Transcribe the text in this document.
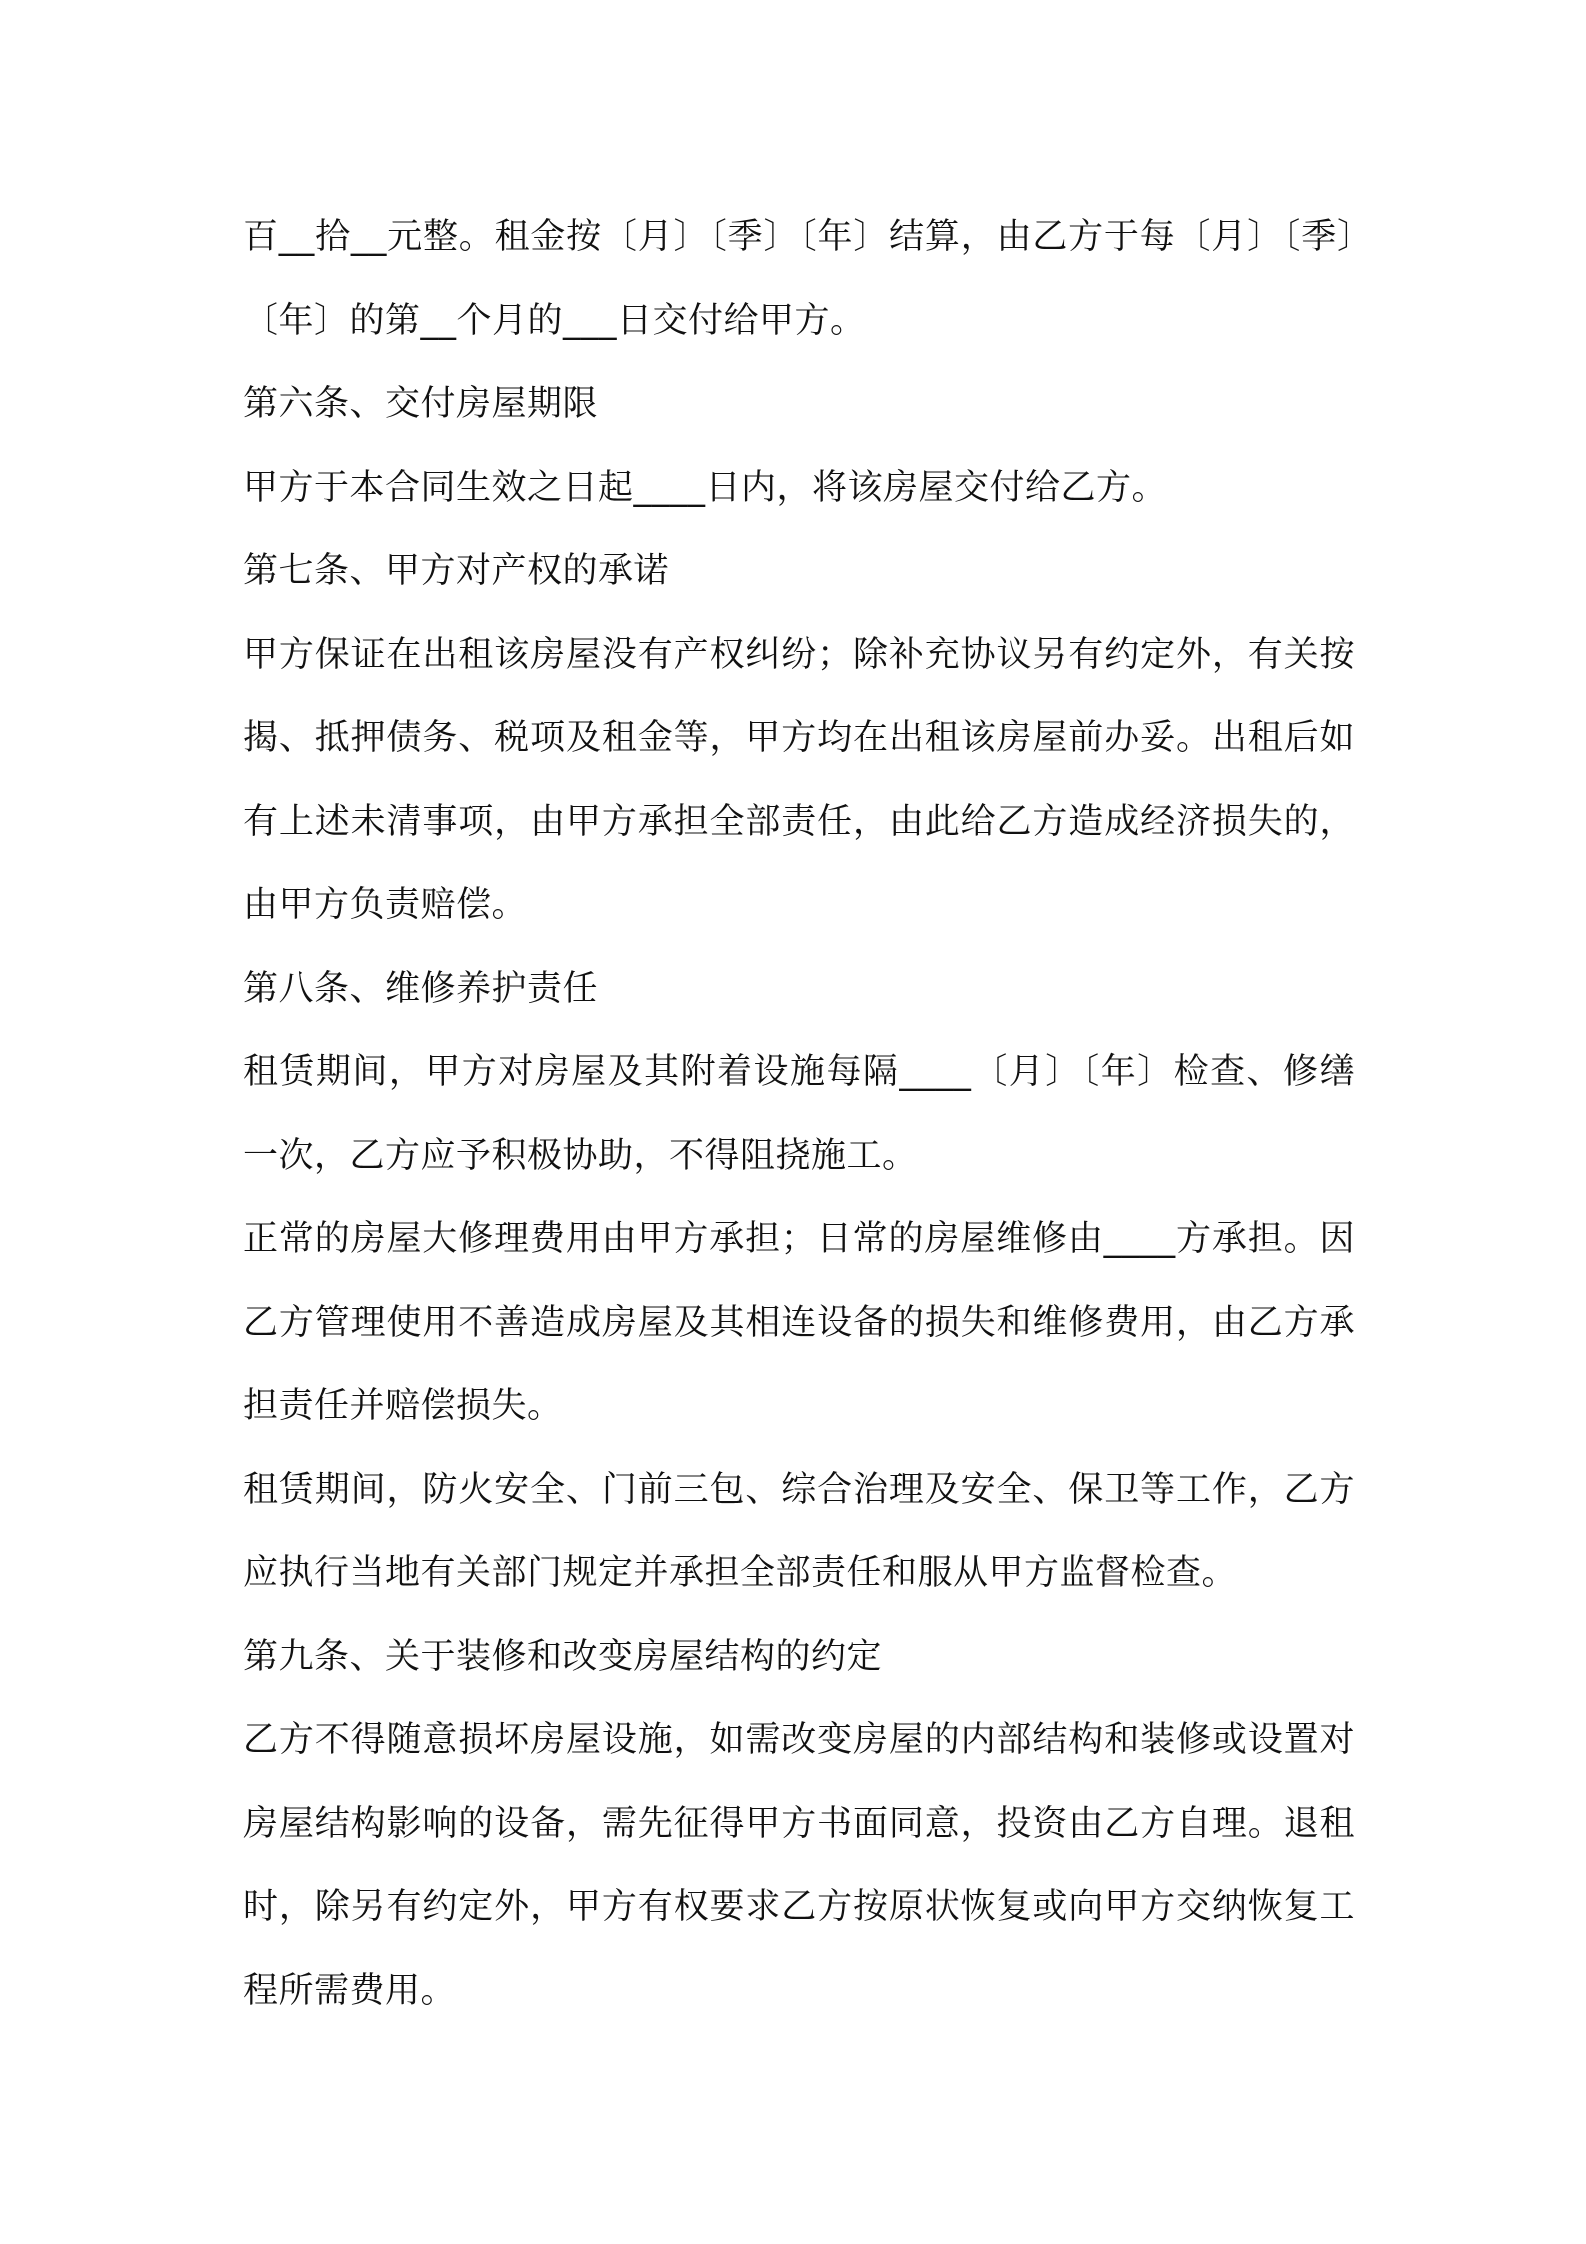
百__拾__元整。租金按〔月〕〔季〕〔年〕结算，由乙方于每〔月〕〔季〕〔年〕的第__个月的___日交付给甲方。

第六条、交付房屋期限

甲方于本合同生效之日起____日内，将该房屋交付给乙方。

第七条、甲方对产权的承诺

甲方保证在出租该房屋没有产权纠纷；除补充协议另有约定外，有关按揭、抵押债务、税项及租金等，甲方均在出租该房屋前办妥。出租后如有上述未清事项，由甲方承担全部责任，由此给乙方造成经济损失的，由甲方负责赔偿。

第八条、维修养护责任

租赁期间，甲方对房屋及其附着设施每隔____〔月〕〔年〕检查、修缮一次，乙方应予积极协助，不得阻挠施工。

正常的房屋大修理费用由甲方承担；日常的房屋维修由____方承担。因乙方管理使用不善造成房屋及其相连设备的损失和维修费用，由乙方承担责任并赔偿损失。

租赁期间，防火安全、门前三包、综合治理及安全、保卫等工作，乙方应执行当地有关部门规定并承担全部责任和服从甲方监督检查。

第九条、关于装修和改变房屋结构的约定

乙方不得随意损坏房屋设施，如需改变房屋的内部结构和装修或设置对房屋结构影响的设备，需先征得甲方书面同意，投资由乙方自理。退租时，除另有约定外，甲方有权要求乙方按原状恢复或向甲方交纳恢复工程所需费用。
